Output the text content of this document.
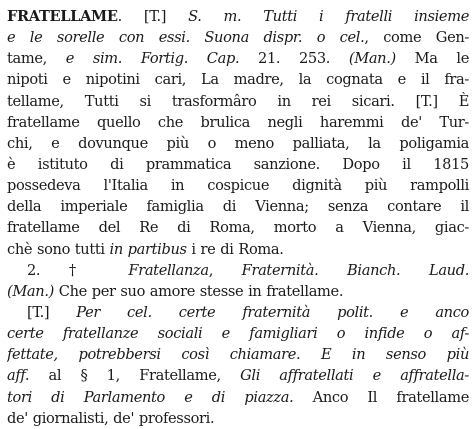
FRATELLAME. [T.] S. m. Tutti i fratelli insieme
e le sorelle con essi. Suona dispr. o cel., come Gen-
tame, e sim. Fortig. Cap. 21. 253. (Man.) Ma le
nipoti e nipotini cari, La madre, la cognata e il fra-
tellame, Tutti si trasformâro in rei sicari. [T.] È
fratellame quello che brulica negli haremmi de' Tur-
chi, e dovunque più o meno palliata, la poligamia
è istituto di prammatica sanzione. Dopo il 1815
possedeva l'Italia in cospicue dignità più rampolli
della imperiale famiglia di Vienna; senza contare il
fratellame del Re di Roma, morto a Vienna, giac-
chè sono tutti in partibus i re di Roma.
2. † Fratellanza, Fraternità. Bianch. Laud.
(Man.) Che per suo amore stesse in fratellame.
[T.] Per cel. certe fraternità polit. e anco
certe fratellanze sociali e famigliari o infide o af-
fettate, potrebbersi così chiamare. E in senso più
aff. al § 1, Fratellame, Gli affratellati e affratella-
tori di Parlamento e di piazza. Anco Il fratellame
de' giornalisti, de' professori.
